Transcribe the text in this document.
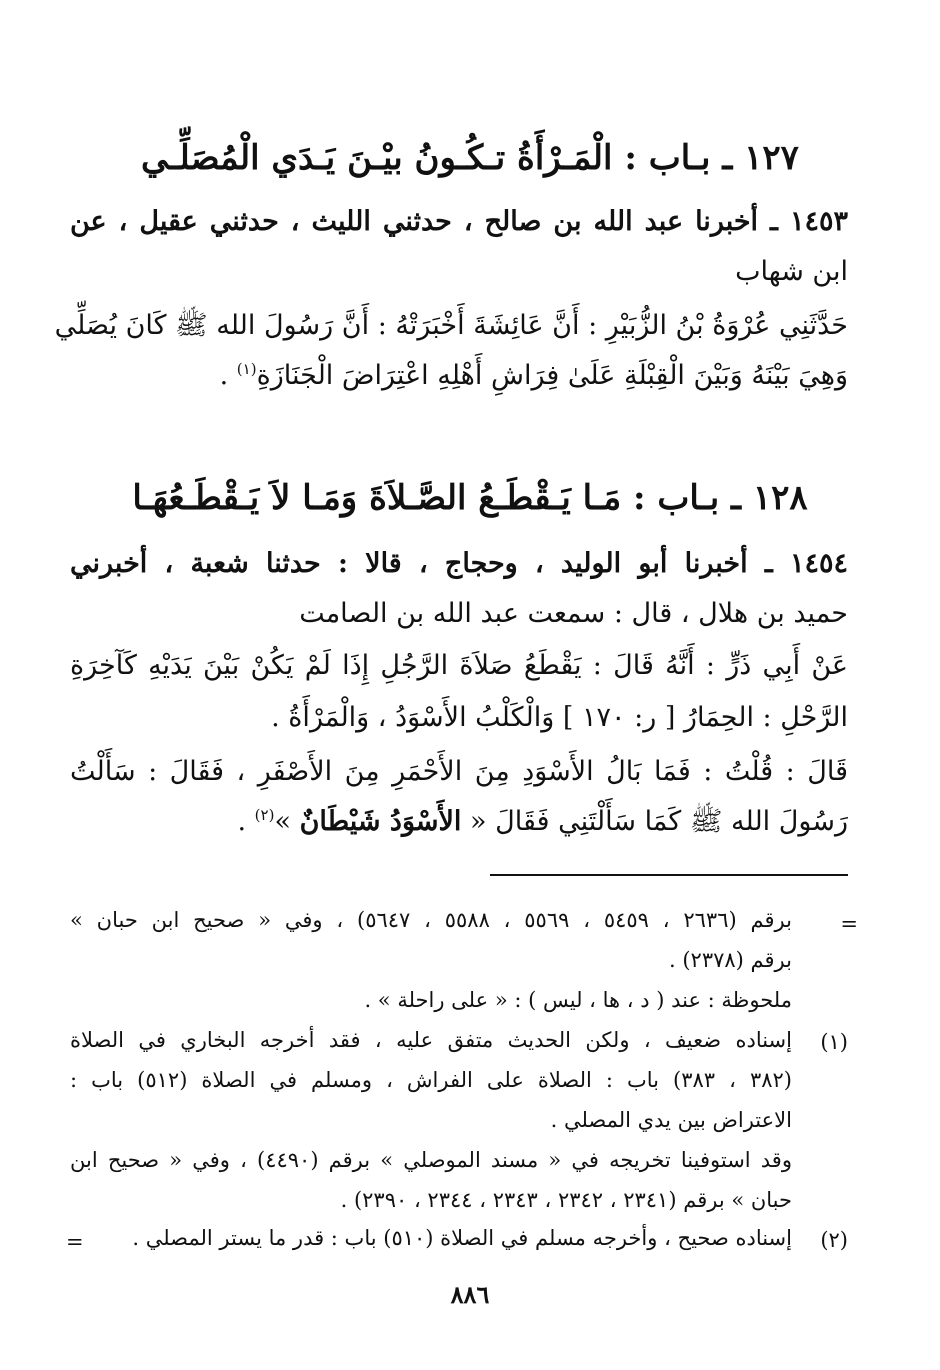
١٢٧ ـ بـاب : الْمَـرْأَةُ تـكُـونُ بيْـنَ يَـدَي الْمُصَلِّـي
١٤٥٣ ـ أخبرنا عبد الله بن صالح ، حدثني الليث ، حدثني عقيل ، عن
ابن شهاب
حَدَّثَنِي عُرْوَةُ بْنُ الزُّبَيْرِ : أَنَّ عَائِشَةَ أَخْبَرَتْهُ : أَنَّ رَسُولَ الله ﷺ كَانَ يُصَلِّي
وَهِيَ بَيْنَهُ وَبَيْنَ الْقِبْلَةِ عَلَىٰ فِرَاشِ أَهْلِهِ اعْتِرَاضَ الْجَنَازَةِ$^{(١)}$ .
١٢٨ ـ بـاب : مَـا يَـقْطَـعُ الصَّـلاَةَ وَمَـا لاَ يَـقْطَـعُهَـا
١٤٥٤ ـ أخبرنا أبو الوليد ، وحجاج ، قالا : حدثنا شعبة ، أخبرني
حميد بن هلال ، قال : سمعت عبد الله بن الصامت
عَنْ أَبِي ذَرٍّ : أَنَّهُ قَالَ : يَقْطَعُ صَلاَةَ الرَّجُلِ إِذَا لَمْ يَكُنْ بَيْنَ يَدَيْهِ كَآخِرَةِ
الرَّحْلِ : الحِمَارُ [ ر: ١٧٠ ] وَالْكَلْبُ الأَسْوَدُ ، وَالْمَرْأَةُ .
قَالَ : قُلْتُ : فَمَا بَالُ الأَسْوَدِ مِنَ الأَحْمَرِ مِنَ الأَصْفَرِ ، فَقَالَ : سَأَلْتُ
رَسُولَ الله ﷺ كَمَا سَأَلْتَنِي فَقَالَ « الأَسْوَدُ شَيْطَانٌ »$^{(٢)}$ .
=
برقم (٢٦٣٦ ، ٥٤٥٩ ، ٥٥٦٩ ، ٥٥٨٨ ، ٥٦٤٧) ، وفي « صحيح ابن حبان »
برقم (٢٣٧٨) .
ملحوظة : عند ( د ، ها ، ليس ) : « على راحلة » .
(١)
إسناده ضعيف ، ولكن الحديث متفق عليه ، فقد أخرجه البخاري في الصلاة
(٣٨٢ ، ٣٨٣) باب : الصلاة على الفراش ، ومسلم في الصلاة (٥١٢) باب :
الاعتراض بين يدي المصلي .
وقد استوفينا تخريجه في « مسند الموصلي » برقم (٤٤٩٠) ، وفي « صحيح ابن
حبان » برقم (٢٣٤١ ، ٢٣٤٢ ، ٢٣٤٣ ، ٢٣٤٤ ، ٢٣٩٠) .
(٢)
إسناده صحيح ، وأخرجه مسلم في الصلاة (٥١٠) باب : قدر ما يستر المصلي .
=
٨٨٦
